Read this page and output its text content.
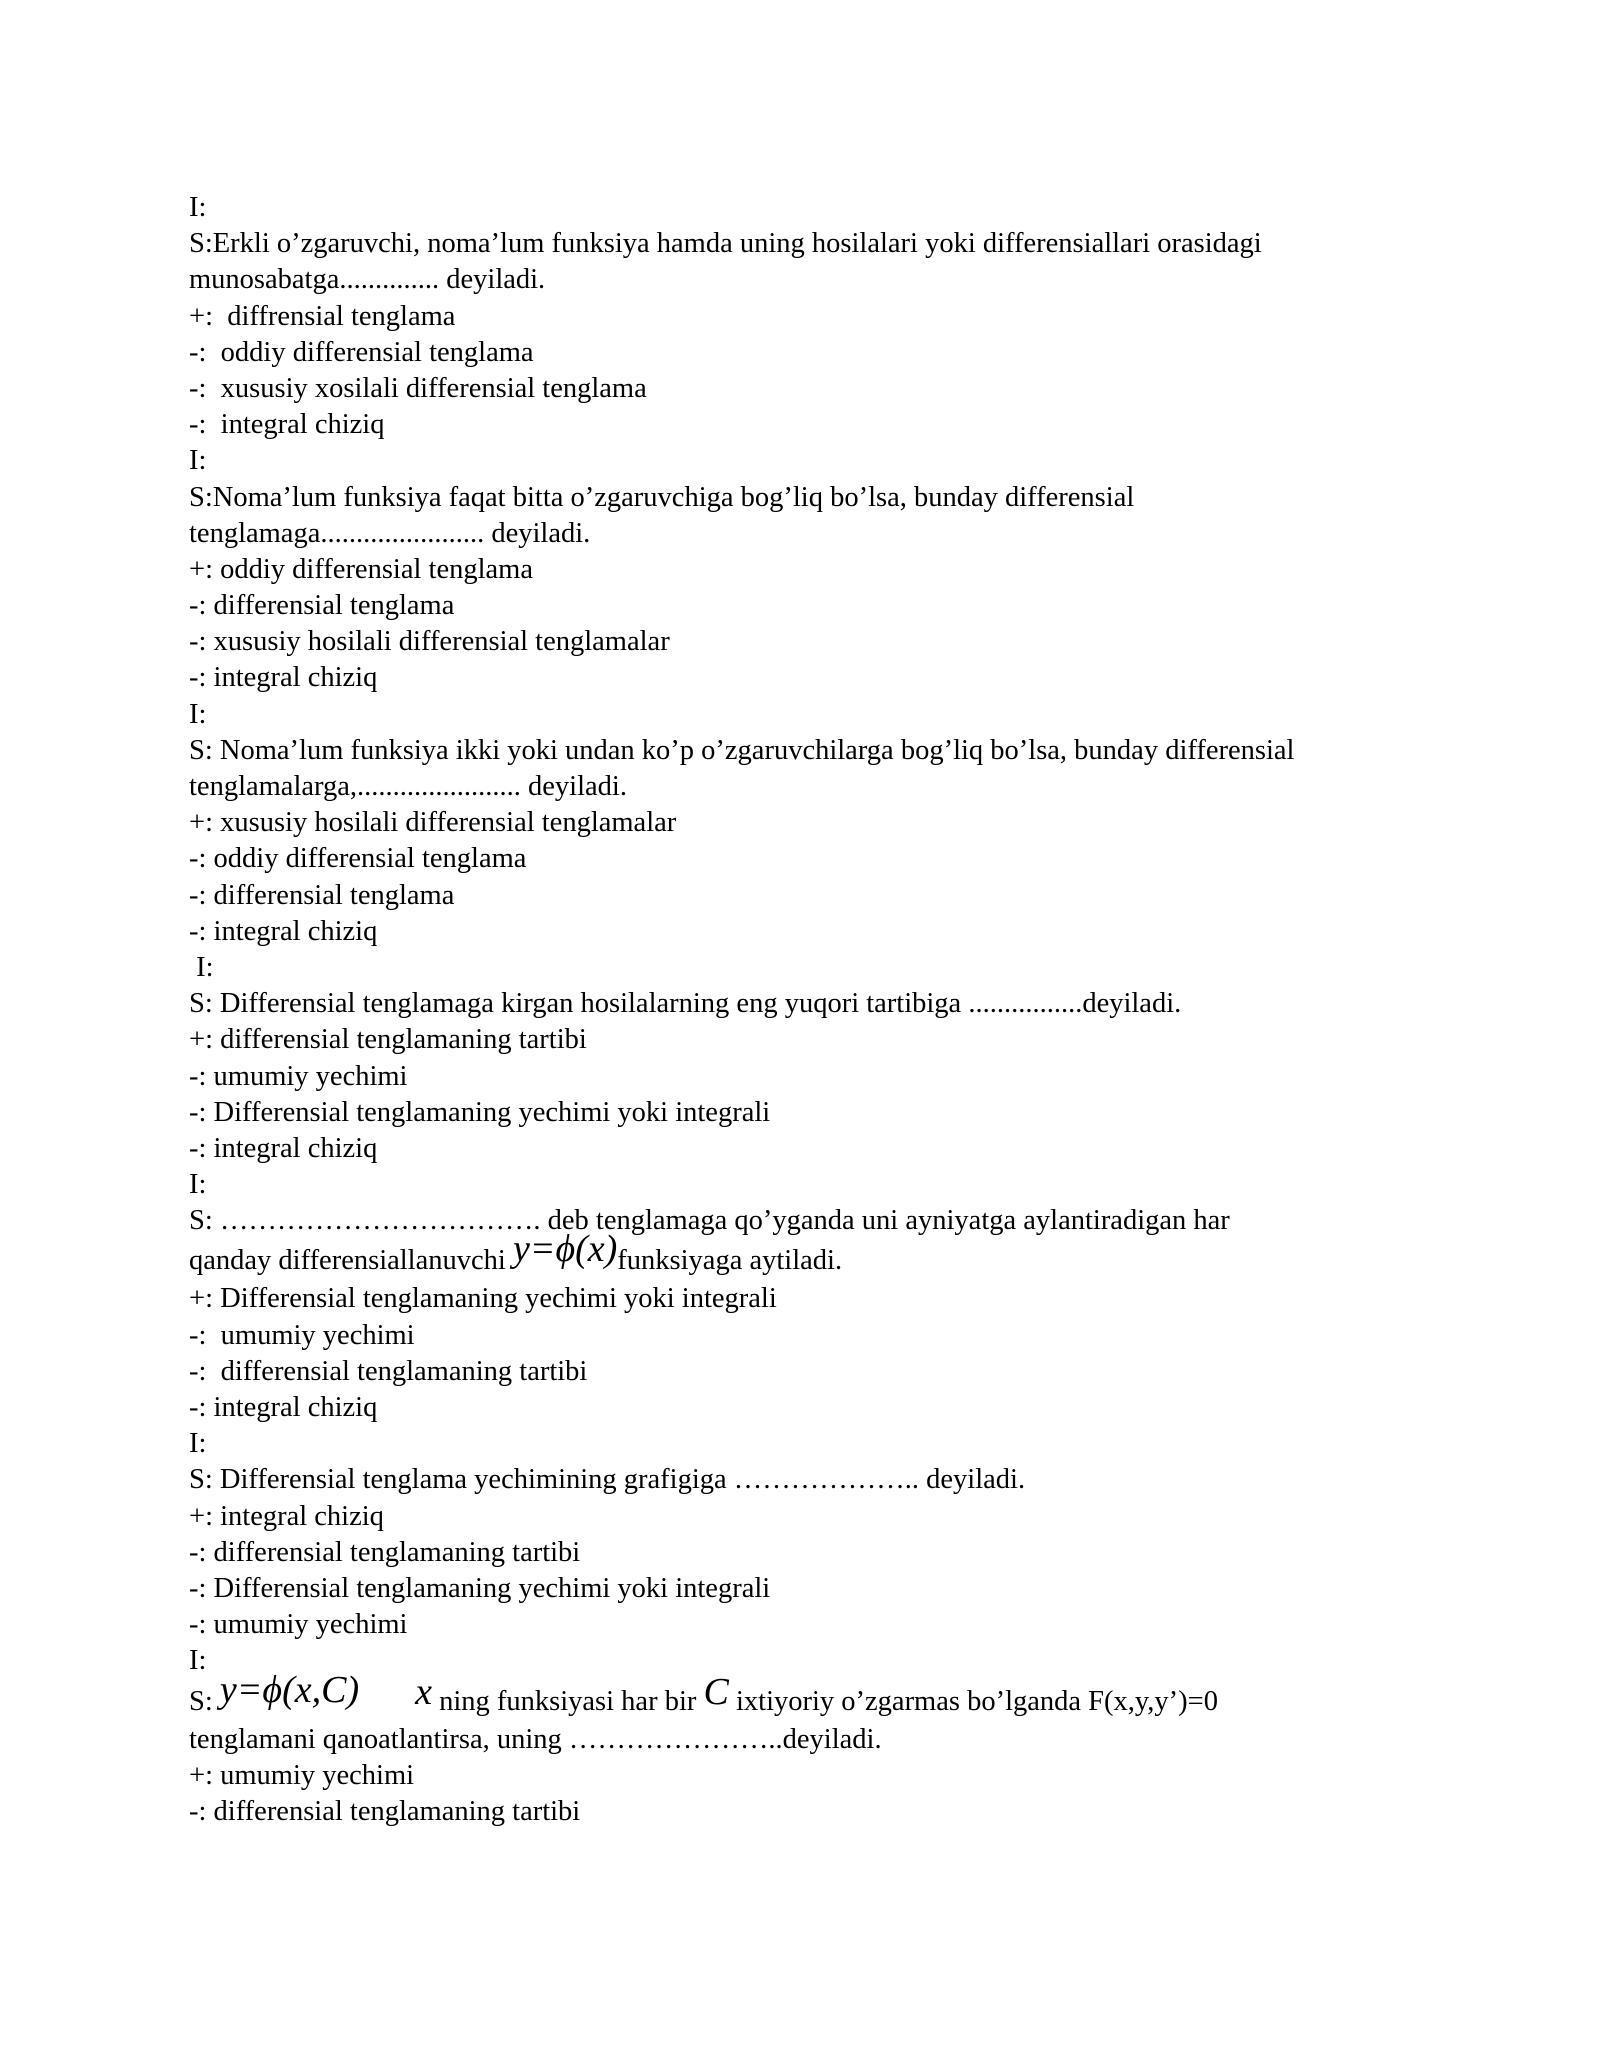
I:
S:Erkli o’zgaruvchi, noma’lum funksiya hamda uning hosilalari yoki differensiallari orasidagi
munosabatga.............. deyiladi.
+:  diffrensial tenglama
-:  oddiy differensial tenglama
-:  xususiy xosilali differensial tenglama
-:  integral chiziq
I:
S:Noma’lum funksiya faqat bitta o’zgaruvchiga bog’liq bo’lsa, bunday differensial
tenglamaga....................... deyiladi.
+: oddiy differensial tenglama
-: differensial tenglama
-: xususiy hosilali differensial tenglamalar
-: integral chiziq
I:
S: Noma’lum funksiya ikki yoki undan ko’p o’zgaruvchilarga bog’liq bo’lsa, bunday differensial
tenglamalarga,....................... deyiladi.
+: xususiy hosilali differensial tenglamalar
-: oddiy differensial tenglama
-: differensial tenglama
-: integral chiziq
I:
S: Differensial tenglamaga kirgan hosilalarning eng yuqori tartibiga ................deyiladi.
+: differensial tenglamaning tartibi
-: umumiy yechimi
-: Differensial tenglamaning yechimi yoki integrali
-: integral chiziq
I:
S: ……………………………. deb tenglamaga qo’yganda uni ayniyatga aylantiradigan har
qanday differensiallanuvchi y=ϕ(x)funksiyaga aytiladi.
+: Differensial tenglamaning yechimi yoki integrali
-:  umumiy yechimi
-:  differensial tenglamaning tartibi
-: integral chiziq
I:
S: Differensial tenglama yechimining grafigiga ……………….. deyiladi.
+: integral chiziq
-: differensial tenglamaning tartibi
-: Differensial tenglamaning yechimi yoki integrali
-: umumiy yechimi
I:
S: y=ϕ(x,C) x ning funksiyasi har bir C ixtiyoriy o’zgarmas bo’lganda F(x,y,y’)=0
tenglamani qanoatlantirsa, uning …………………..deyiladi.
+: umumiy yechimi
-: differensial tenglamaning tartibi
